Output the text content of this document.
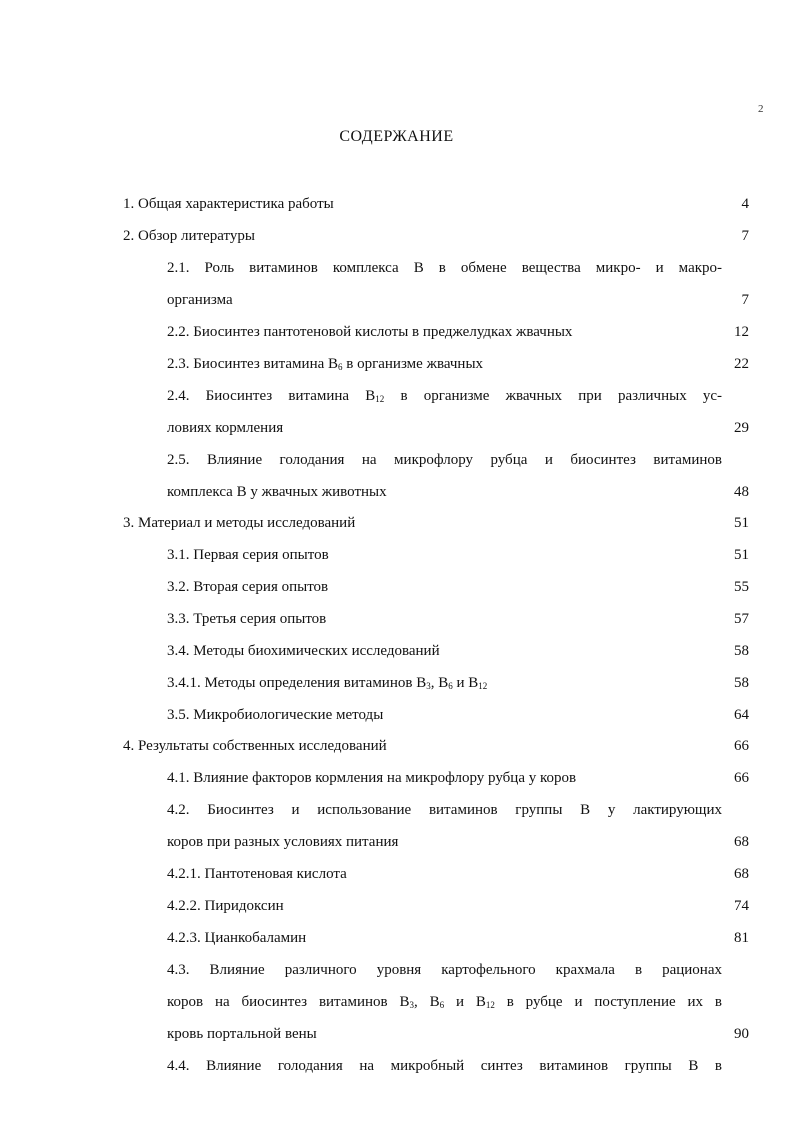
2
СОДЕРЖАНИЕ
1. Общая характеристика работы	4
2. Обзор литературы	7
2.1. Роль витаминов комплекса В в обмене вещества микро- и макро-
организма	7
2.2. Биосинтез пантотеновой кислоты в преджелудках жвачных	12
2.3. Биосинтез витамина $В_6$ в организме жвачных	22
2.4. Биосинтез витамина $В_{12}$ в организме жвачных при различных ус-
ловиях кормления	29
2.5. Влияние голодания на микрофлору рубца и биосинтез витаминов
комплекса В у жвачных животных	48
3. Материал и методы исследований	51
3.1. Первая серия опытов	51
3.2. Вторая серия опытов	55
3.3. Третья серия опытов	57
3.4. Методы биохимических исследований	58
3.4.1. Методы определения витаминов $В_3$, $В_6$ и $В_{12}$	58
3.5. Микробиологические методы	64
4. Результаты собственных исследований	66
4.1. Влияние факторов кормления на микрофлору рубца у коров	66
4.2. Биосинтез и использование витаминов группы В у лактирующих
коров при разных условиях питания	68
4.2.1. Пантотеновая кислота	68
4.2.2. Пиридоксин	74
4.2.3. Цианкобаламин	81
4.3. Влияние различного уровня картофельного крахмала в рационах
коров на биосинтез витаминов $В_3$, $В_6$ и $В_{12}$ в рубце и поступление их в
кровь портальной вены	90
4.4. Влияние голодания на микробный синтез витаминов группы В в
